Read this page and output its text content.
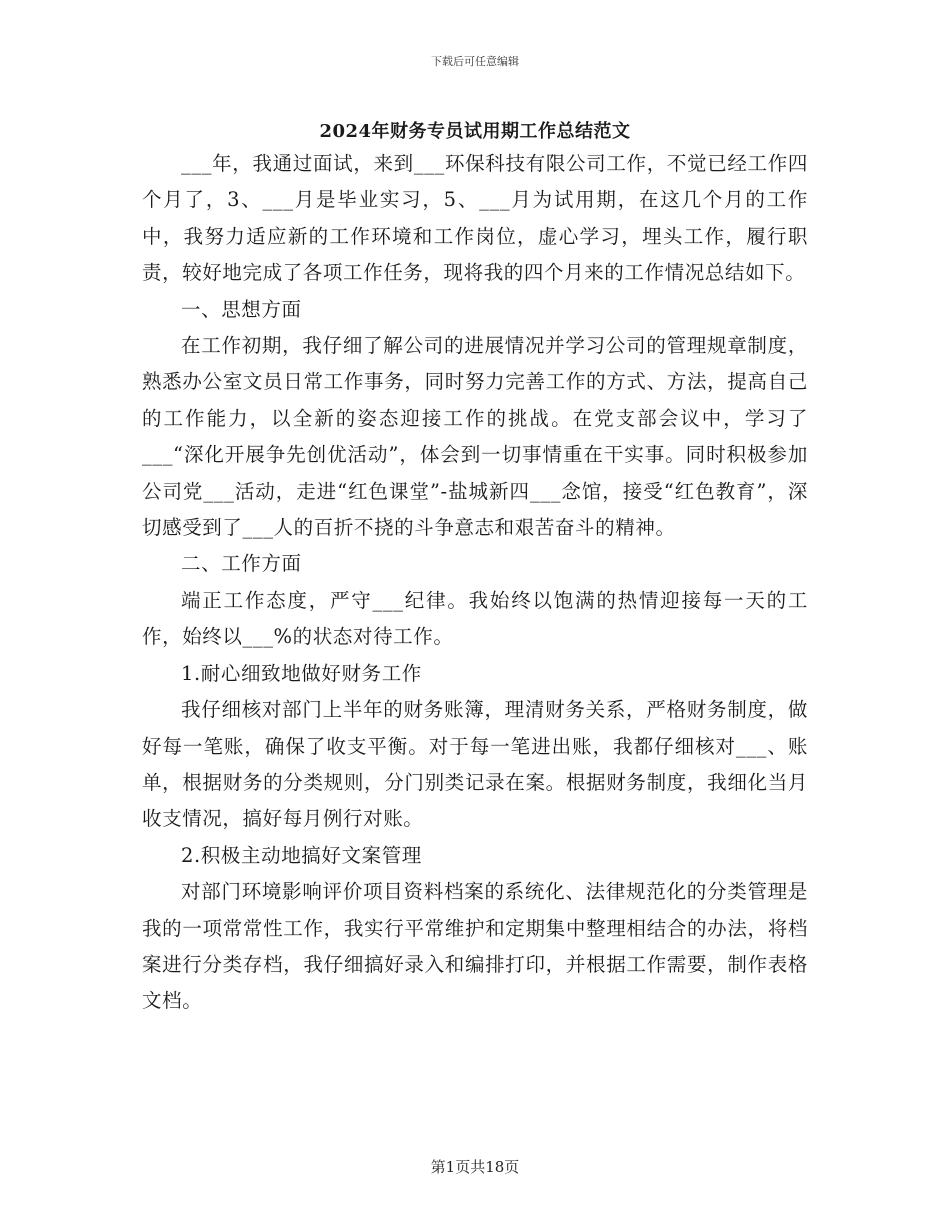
下载后可任意编辑
2024年财务专员试用期工作总结范文

___年，我通过面试，来到___环保科技有限公司工作，不觉已经工作四个月了，3、___月是毕业实习，5、___月为试用期，在这几个月的工作中，我努力适应新的工作环境和工作岗位，虚心学习，埋头工作，履行职责，较好地完成了各项工作任务，现将我的四个月来的工作情况总结如下。

一、思想方面

在工作初期，我仔细了解公司的进展情况并学习公司的管理规章制度，熟悉办公室文员日常工作事务，同时努力完善工作的方式、方法，提高自己的工作能力，以全新的姿态迎接工作的挑战。在党支部会议中，学习了___“深化开展争先创优活动”，体会到一切事情重在干实事。同时积极参加公司党___活动，走进“红色课堂”-盐城新四___念馆，接受“红色教育”，深切感受到了___人的百折不挠的斗争意志和艰苦奋斗的精神。

二、工作方面

端正工作态度，严守___纪律。我始终以饱满的热情迎接每一天的工作，始终以___%的状态对待工作。

1.耐心细致地做好财务工作

我仔细核对部门上半年的财务账簿，理清财务关系，严格财务制度，做好每一笔账，确保了收支平衡。对于每一笔进出账，我都仔细核对___、账单，根据财务的分类规则，分门别类记录在案。根据财务制度，我细化当月收支情况，搞好每月例行对账。

2.积极主动地搞好文案管理

对部门环境影响评价项目资料档案的系统化、法律规范化的分类管理是我的一项常常性工作，我实行平常维护和定期集中整理相结合的办法，将档案进行分类存档，我仔细搞好录入和编排打印，并根据工作需要，制作表格文档。

第1页共18页
